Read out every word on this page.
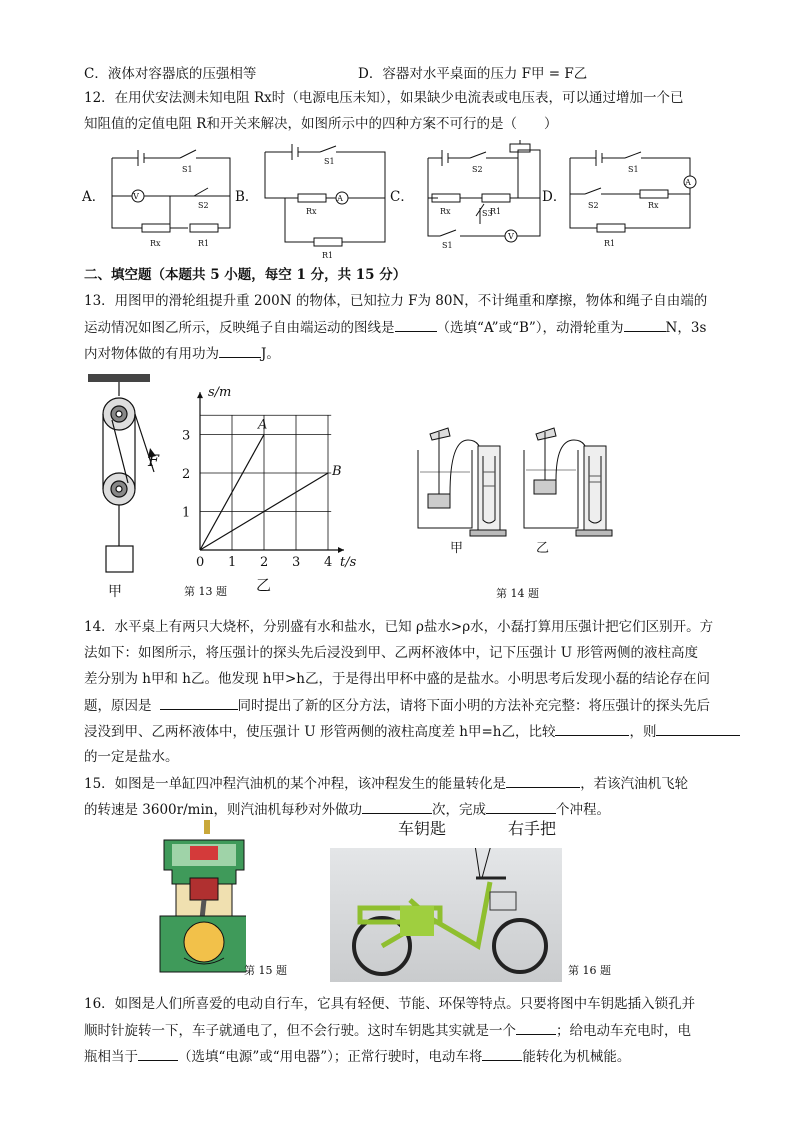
C．液体对容器底的压强相等	D．容器对水平桌面的压力 F甲 = F乙
12．在用伏安法测未知电阻 Rx时（电源电压未知），如果缺少电流表或电压表，可以通过增加一个已
知阻值的定值电阻 R和开关来解决，如图所示中的四种方案不可行的是（　　）
V
S1
S2
Rx	R1
S1
Rx
A
R1
S2
Rx	R1
S3
S1
V
S1
A
S2	Rx
R1
A．	B．	C．	D．
二、填空题（本题共 5 小题，每空 1 分，共 15 分）
13．用图甲的滑轮组提升重 200N 的物体，已知拉力 F为 80N，不计绳重和摩擦，物体和绳子自由端的
运动情况如图乙所示，反映绳子自由端运动的图线是	（选填“A”或“B”），动滑轮重为	N，3s
内对物体做的有用功为	J。
F
甲
A
B
0 1 2 3 4
1
2
3
t/s
s/m
乙
第 13 题
甲	乙
第 14 题
14．水平桌上有两只大烧杯，分别盛有水和盐水，已知 ρ盐水>ρ水，小磊打算用压强计把它们区别开。方
法如下：如图所示，将压强计的探头先后浸没到甲、乙两杯液体中，记下压强计 U 形管两侧的液柱高度
差分别为 h甲和 h乙。他发现 h甲>h乙，于是得出甲杯中盛的是盐水。小明思考后发现小磊的结论存在问
题，原因是	同时提出了新的区分方法，请将下面小明的方法补充完整：将压强计的探头先后
浸没到甲、乙两杯液体中，使压强计 U 形管两侧的液柱高度差 h甲=h乙，比较	，则
的一定是盐水。
15．如图是一单缸四冲程汽油机的某个冲程，该冲程发生的能量转化是	，若该汽油机飞轮
的转速是 3600r/min，则汽油机每秒对外做功	次，完成	个冲程。
第 15 题
车钥匙	右手把
第 16 题
16．如图是人们所喜爱的电动自行车，它具有轻便、节能、环保等特点。只要将图中车钥匙插入锁孔并
顺时针旋转一下，车子就通电了，但不会行驶。这时车钥匙其实就是一个	；给电动车充电时，电
瓶相当于	（选填“电源”或“用电器”）；正常行驶时，电动车将	能转化为机械能。
